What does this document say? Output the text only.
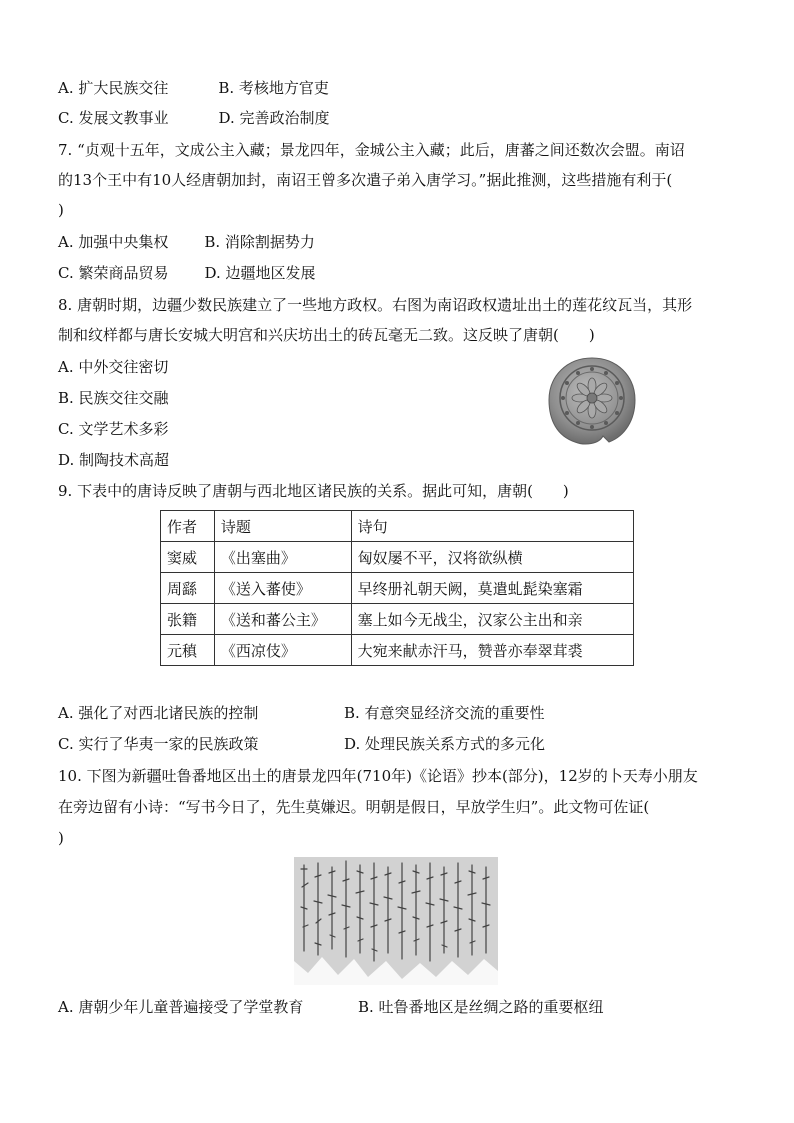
A. 扩大民族交往	B. 考核地方官吏
C. 发展文教事业	D. 完善政治制度
7. “贞观十五年，文成公主入藏；景龙四年，金城公主入藏；此后，唐蕃之间还数次会盟。南诏
的13个王中有10人经唐朝加封，南诏王曾多次遣子弟入唐学习。”据此推测，这些措施有利于(
)
A. 加强中央集权 B. 消除割据势力
C. 繁荣商品贸易 D. 边疆地区发展
8. 唐朝时期，边疆少数民族建立了一些地方政权。右图为南诏政权遗址出土的莲花纹瓦当，其形
制和纹样都与唐长安城大明宫和兴庆坊出土的砖瓦毫无二致。这反映了唐朝(　　)
A. 中外交往密切
B. 民族交往交融
C. 文学艺术多彩
D. 制陶技术高超
9. 下表中的唐诗反映了唐朝与西北地区诸民族的关系。据此可知，唐朝(　　)
作者	诗题	诗句
窦威	《出塞曲》	匈奴屡不平，汉将欲纵横
周繇	《送入蕃使》	早终册礼朝天阙，莫遣虬髭染塞霜
张籍	《送和蕃公主》	塞上如今无战尘，汉家公主出和亲
元稹	《西凉伎》	大宛来献赤汗马，赞普亦奉翠茸裘
A. 强化了对西北诸民族的控制	B. 有意突显经济交流的重要性
C. 实行了华夷一家的民族政策	D. 处理民族关系方式的多元化
10. 下图为新疆吐鲁番地区出土的唐景龙四年(710年)《论语》抄本(部分)，12岁的卜天寿小朋友
在旁边留有小诗：“写书今日了，先生莫嫌迟。明朝是假日，早放学生归”。此文物可佐证(
)
A. 唐朝少年儿童普遍接受了学堂教育	B. 吐鲁番地区是丝绸之路的重要枢纽
